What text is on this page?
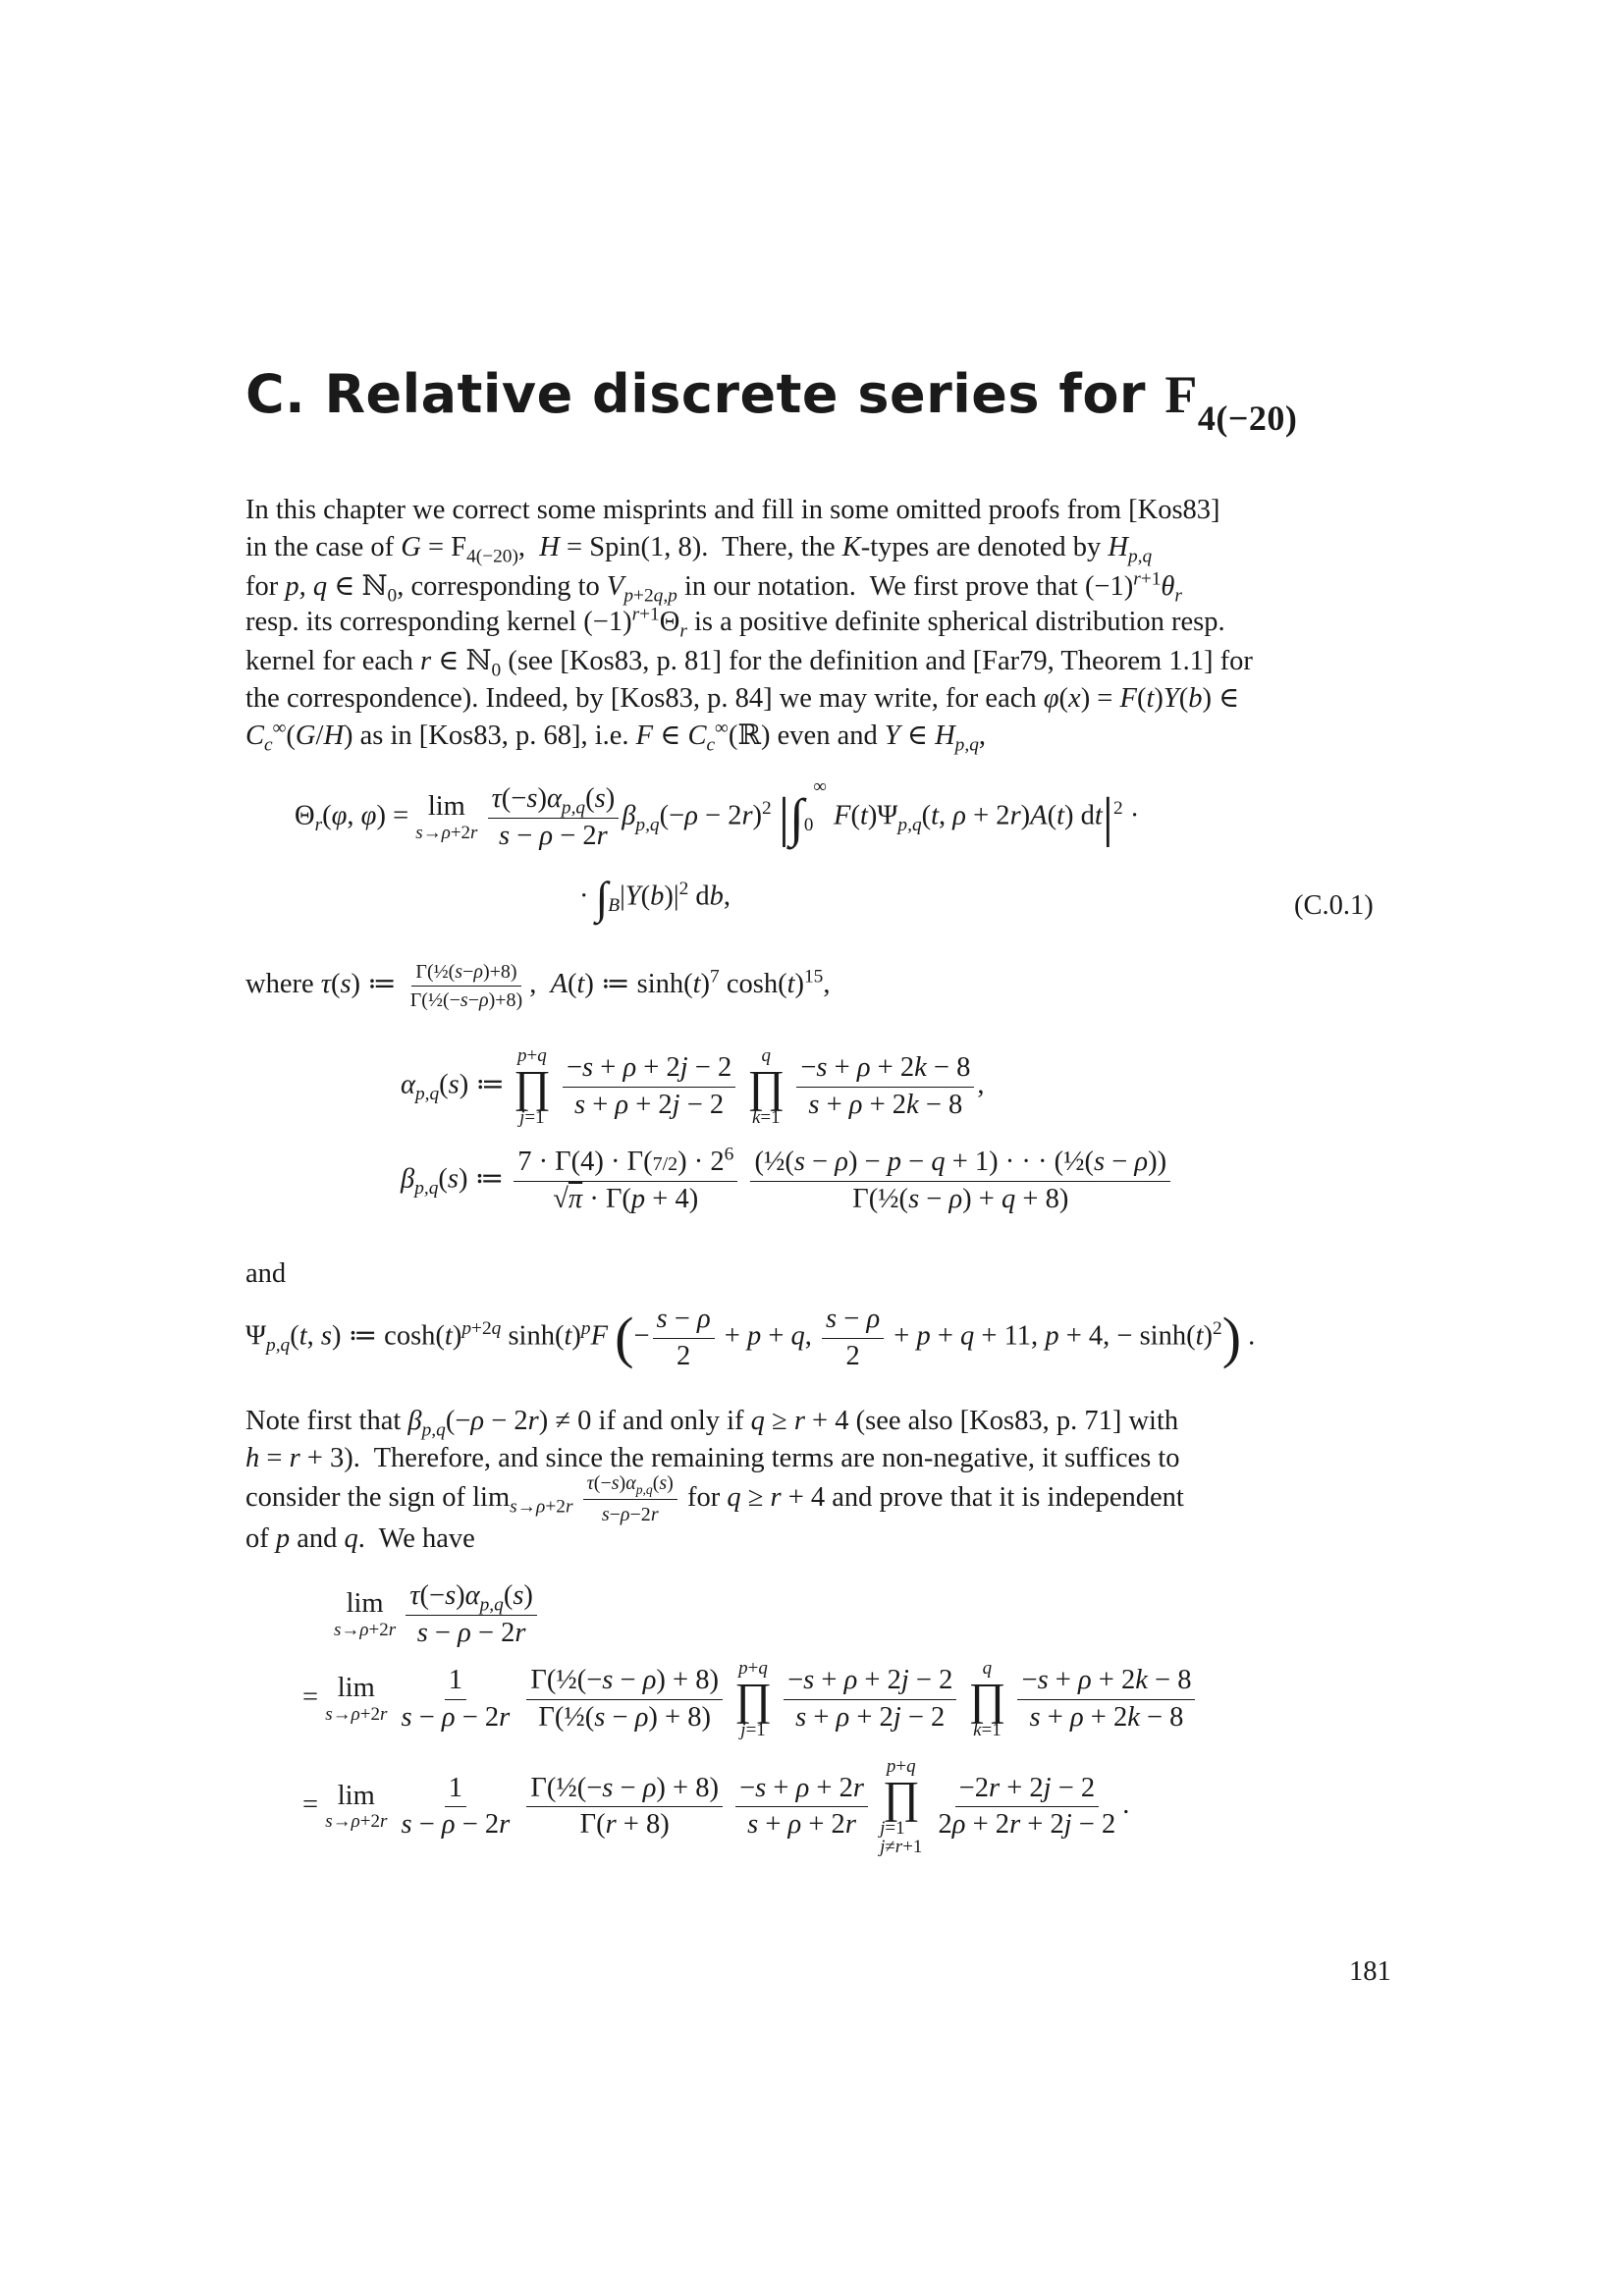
C. Relative discrete series for $F_{4(-20)}$
In this chapter we correct some misprints and fill in some omitted proofs from [Kos83]
in the case of $G = F_{4(-20)}$,  H = Spin(1, 8).  There, the K-types are denoted by $H_{p,q}$
for p, q ∈ ℕ$_0$, corresponding to $V_{p+2q,p}$ in our notation.  We first prove that $(-1)^{r+1}\theta_r$
resp. its corresponding kernel $(-1)^{r+1}\Theta_r$ is a positive definite spherical distribution resp.
kernel for each r ∈ ℕ$_0$ (see [Kos83, p. 81] for the definition and [Far79, Theorem 1.1] for
the correspondence). Indeed, by [Kos83, p. 84] we may write, for each φ(x) = F(t)Y(b) ∈
$C_c^\infty(G/H)$ as in [Kos83, p. 68], i.e. F ∈ $C_c^\infty(ℝ)$ even and Y ∈ $H_{p,q}$,
$\Theta_r(\varphi$, φ) = lim
s→ρ+2r
$\frac{\tau(-s)\alpha_{p,q}(s)}{s - \rho - 2r} \beta_{p,q}(-\rho - 2r)^2$ $|\int_0^\infty$ $F(t)\Psi_{p,q}(t$, ρ + 2r)A(t) $dt|^2$ ·
· $\int_B|Y(b)|^2$ db,	(C.0.1)
where τ(s) ≔ $\frac{\text{Γ(½(s−ρ)+8)}}{\text{Γ(½(−s−ρ)+8)}}$ ,  A(t) ≔ $\sinh(t)^7$ $\cosh(t)^{15}$,
$\alpha_{p,q}(s)$ ≔
p+q
∏
j=1
$\frac{-s + \rho + 2j - 2}{s + \rho + 2j - 2}$
q
∏
k=1
$\frac{-s + \rho + 2k - 8}{s + \rho + 2k - 8}$ ,
$\beta_{p,q}(s)$ ≔ $\frac{7 \cdot \Gamma(4) \cdot \Gamma(7/2) \cdot 2^6}{√\pi \cdot \Gamma(p + 4)}$
$\frac{\text{(½(s − ρ) − p − q + 1) · · · (½(s − ρ))}}{\text{Γ(½(s − ρ) + q + 8)}}$
and
$\Psi_{p,q}(t$, s) ≔ $\cosh(t)^{p+2q}$ $\sinh(t)^pF$ (− $\frac{s - \rho}{2} + p + q$, $\frac{s - \rho}{2} + p + q + 11$, p + 4, − $\sinh(t)^2$) .
Note first that $\beta_{p,q}(-\rho - 2r) \ne 0$ if and only if q ≥ r + 4 (see also [Kos83, p. 71] with
h = r + 3).  Therefore, and since the remaining terms are non-negative, it suffices to
consider the sign of $\lim_{s\to\rho+2r} \frac{\tau(-s)\alpha_{p,q}(s)}{s-\rho-2r}$ for q ≥ r + 4 and prove that it is independent
of p and q.  We have
lim
s→ρ+2r
$\frac{\tau(-s)\alpha_{p,q}(s)}{s - \rho - 2r}$
= lim
s→ρ+2r
$\frac{1}{s - \rho - 2r}$
$\frac{\text{Γ(½(−s − ρ) + 8)}}{\text{Γ(½(s − ρ) + 8)}}$
p+q
∏
j=1
$\frac{-s + \rho + 2j - 2}{s + \rho + 2j - 2}$
q
∏
k=1
$\frac{-s + \rho + 2k - 8}{s + \rho + 2k - 8}$
= lim
s→ρ+2r
$\frac{1}{s - \rho - 2r}$
$\frac{\text{Γ(½(−s − ρ) + 8)}}{\Gamma(r + 8)}$
$\frac{-s + \rho + 2r}{s + \rho + 2r}$

p+q
∏
j=1
j≠r+1

$\frac{-2r + 2j - 2}{2\rho + 2r + 2j - 2}$ .
181
